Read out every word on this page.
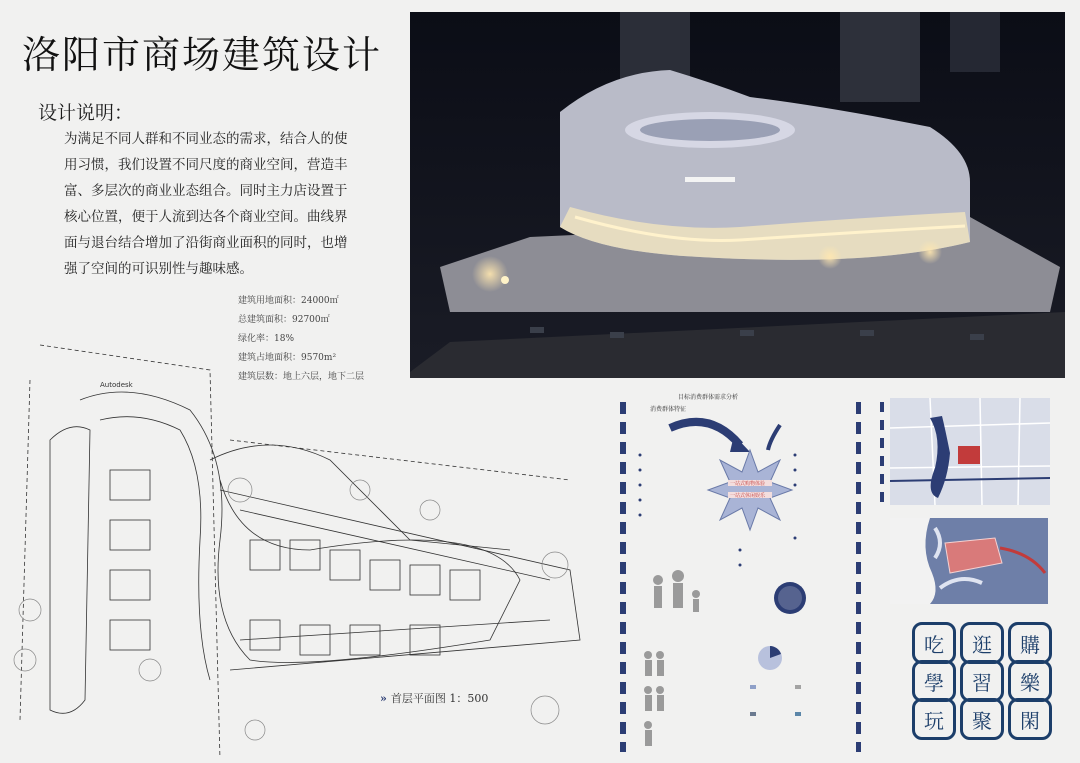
洛阳市商场建筑设计
设计说明：
为满足不同人群和不同业态的需求，结合人的使用习惯，我们设置不同尺度的商业空间，营造丰富、多层次的商业业态组合。同时主力店设置于核心位置，便于人流到达各个商业空间。曲线界面与退台结合增加了沿街商业面积的同时，也增强了空间的可识别性与趣味感。
建筑用地面积：24000㎡
总建筑面积：92700㎡
绿化率：18%
建筑占地面积：9570m²
建筑层数：地上六层，地下二层
Autodesk
» 首层平面图 1：500
目标消费群体需求分析
消费群体特征
一站式购物体验
一站式休闲娱乐
吃	逛	購
學	習	樂
玩	聚	閑
